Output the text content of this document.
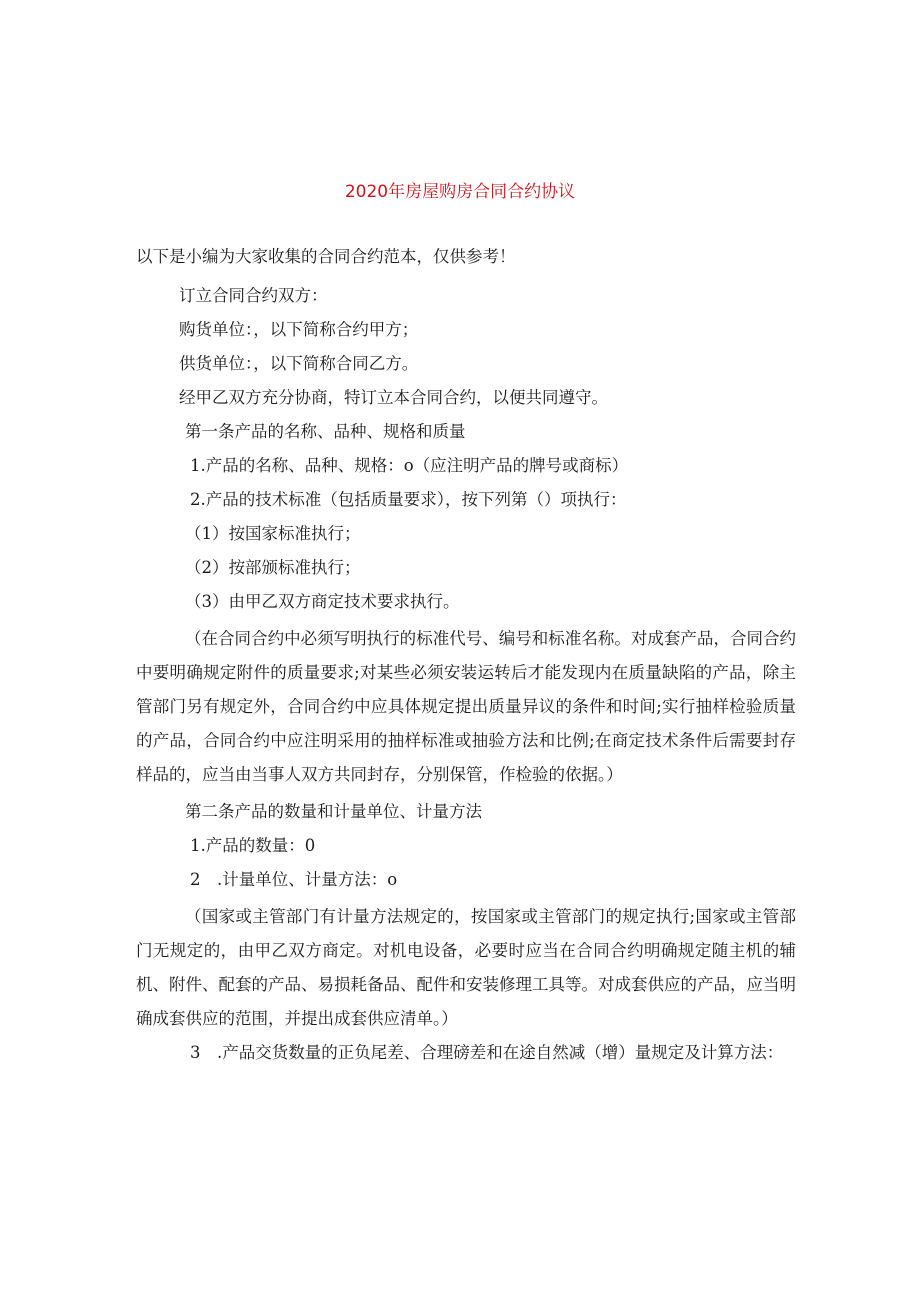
2020年房屋购房合同合约协议

以下是小编为大家收集的合同合约范本，仅供参考！

订立合同合约双方：

购货单位：，以下简称合约甲方；

供货单位：，以下简称合同乙方。

经甲乙双方充分协商，特订立本合同合约，以便共同遵守。

第一条产品的名称、品种、规格和质量

1.产品的名称、品种、规格：o（应注明产品的牌号或商标）

2.产品的技术标准（包括质量要求），按下列第（）项执行：

（1）按国家标准执行；

（2）按部颁标准执行；

（3）由甲乙双方商定技术要求执行。

（在合同合约中必须写明执行的标准代号、编号和标准名称。对成套产品，合同合约中要明确规定附件的质量要求;对某些必须安装运转后才能发现内在质量缺陷的产品，除主管部门另有规定外，合同合约中应具体规定提出质量异议的条件和时间;实行抽样检验质量的产品，合同合约中应注明采用的抽样标准或抽验方法和比例;在商定技术条件后需要封存样品的，应当由当事人双方共同封存，分别保管，作检验的依据。）

第二条产品的数量和计量单位、计量方法

1.产品的数量：0

2　.计量单位、计量方法：o

（国家或主管部门有计量方法规定的，按国家或主管部门的规定执行;国家或主管部门无规定的，由甲乙双方商定。对机电设备，必要时应当在合同合约明确规定随主机的辅机、附件、配套的产品、易损耗备品、配件和安装修理工具等。对成套供应的产品，应当明确成套供应的范围，并提出成套供应清单。）

3　.产品交货数量的正负尾差、合理磅差和在途自然减（增）量规定及计算方法：
